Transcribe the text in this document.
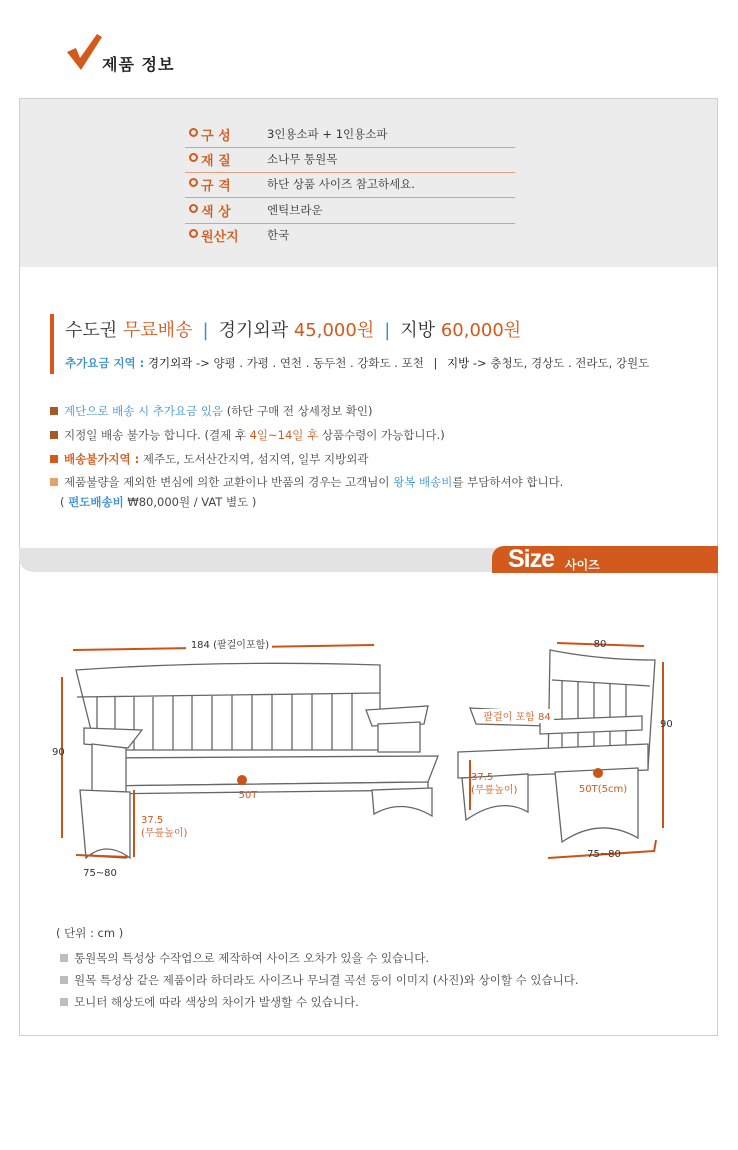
제품 정보
구 성	3인용소파 + 1인용소파
재 질	소나무 통원목
규 격	하단 상품 사이즈 참고하세요.
색 상	엔틱브라운
원산지 한국
수도권 무료배송 | 경기외곽 45,000원 | 지방 60,000원
추가요금 지역 : 경기외곽 -> 양평 . 가평 . 연천 . 동두천 . 강화도 . 포천 | 지방 -> 충청도, 경상도 . 전라도, 강원도
계단으로 배송 시 추가요금 있음 (하단 구매 전 상세정보 확인)
지정일 배송 불가능 합니다. (결제 후 4일~14일 후 상품수령이 가능합니다.)
배송불가지역 : 제주도, 도서산간지역, 섬지역, 일부 지방외곽
제품불량을 제외한 변심에 의한 교환이나 반품의 경우는 고객님이 왕복 배송비를 부담하셔야 합니다.
( 편도배송비 ₩80,000원 / VAT 별도 )
Size 사이즈
184 (팔걸이포함)
90
50T
37.5
(무릎높이)
75~80
80
90
팔걸이 포함 84
37.5
(무릎높이)	50T(5cm)
75~80
( 단위 : cm )
통원목의 특성상 수작업으로 제작하여 사이즈 오차가 있을 수 있습니다.
원목 특성상 같은 제품이라 하더라도 사이즈나 무늬결 곡선 등이 이미지 (사진)와 상이할 수 있습니다.
모니터 해상도에 따라 색상의 차이가 발생할 수 있습니다.
